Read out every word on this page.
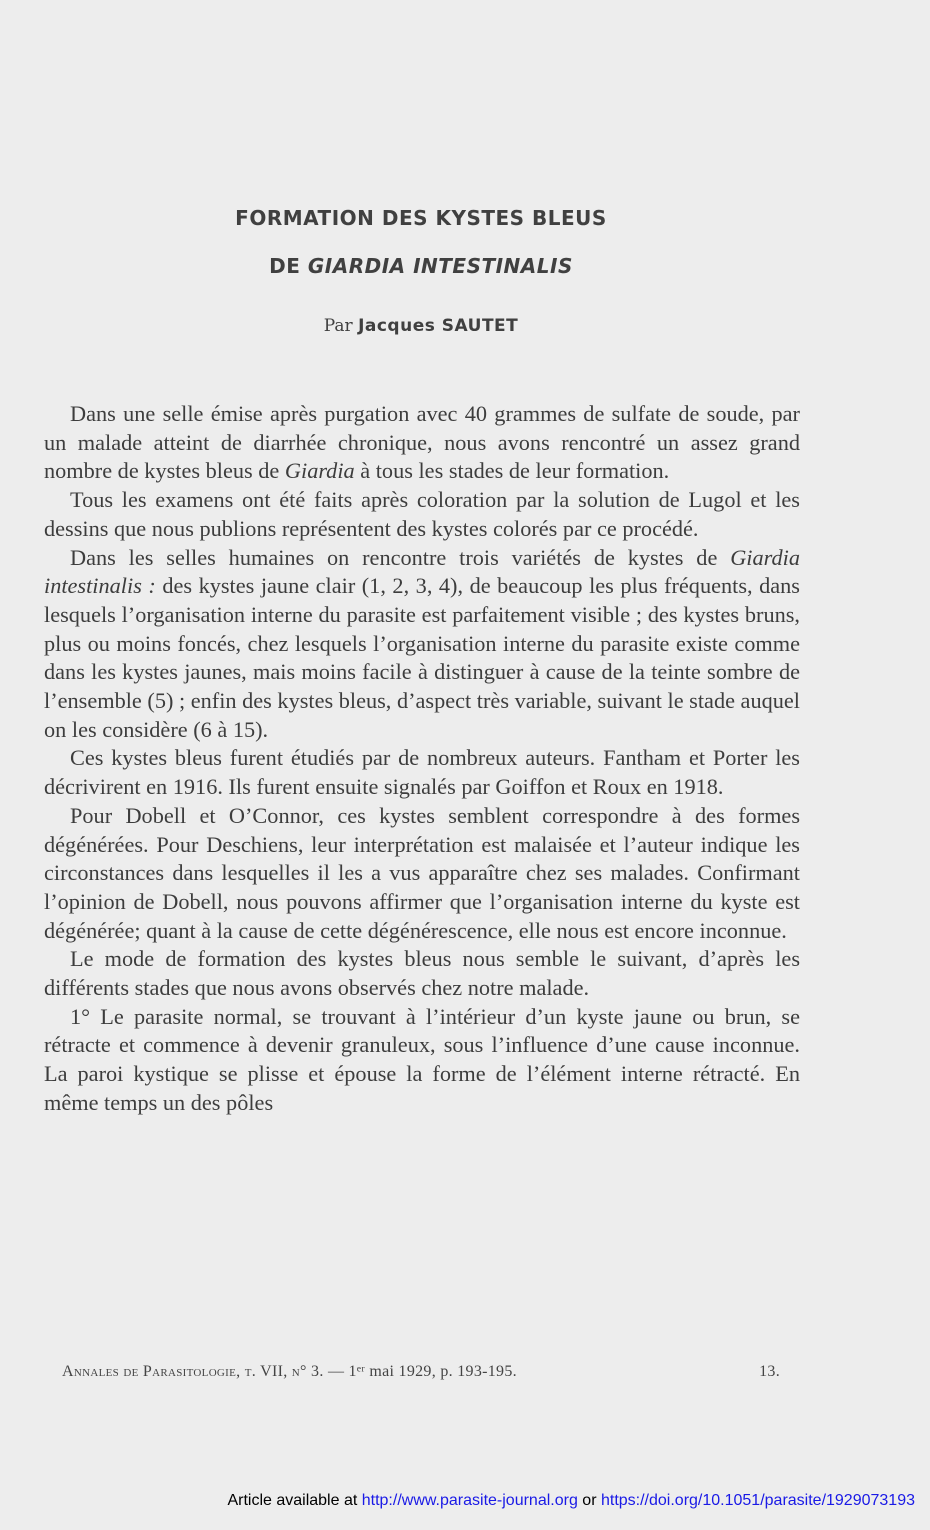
FORMATION DES KYSTES BLEUS
DE GIARDIA INTESTINALIS
Par Jacques SAUTET

Dans une selle émise après purgation avec 40 grammes de sulfate de soude, par un malade atteint de diarrhée chronique, nous avons rencontré un assez grand nombre de kystes bleus de Giardia à tous les stades de leur formation.

Tous les examens ont été faits après coloration par la solution de Lugol et les dessins que nous publions représentent des kystes colorés par ce procédé.

Dans les selles humaines on rencontre trois variétés de kystes de Giardia intestinalis : des kystes jaune clair (1, 2, 3, 4), de beaucoup les plus fréquents, dans lesquels l’organisation interne du parasite est parfaitement visible ; des kystes bruns, plus ou moins foncés, chez lesquels l’organisation interne du parasite existe comme dans les kystes jaunes, mais moins facile à distinguer à cause de la teinte sombre de l’ensemble (5) ; enfin des kystes bleus, d’aspect très variable, suivant le stade auquel on les considère (6 à 15).

Ces kystes bleus furent étudiés par de nombreux auteurs. Fantham et Porter les décrivirent en 1916. Ils furent ensuite signalés par Goiffon et Roux en 1918.

Pour Dobell et O’Connor, ces kystes semblent correspondre à des formes dégénérées. Pour Deschiens, leur interprétation est malaisée et l’auteur indique les circonstances dans lesquelles il les a vus apparaître chez ses malades. Confirmant l’opinion de Dobell, nous pouvons affirmer que l’organisation interne du kyste est dégénérée; quant à la cause de cette dégénérescence, elle nous est encore inconnue.

Le mode de formation des kystes bleus nous semble le suivant, d’après les différents stades que nous avons observés chez notre malade.

1° Le parasite normal, se trouvant à l’intérieur d’un kyste jaune ou brun, se rétracte et commence à devenir granuleux, sous l’influence d’une cause inconnue. La paroi kystique se plisse et épouse la forme de l’élément interne rétracté. En même temps un des pôles

Annales de Parasitologie, t. VII, n° 3. — 1ᵉʳ mai 1929, p. 193-195.	13.
Article available at http://www.parasite-journal.org or https://doi.org/10.1051/parasite/1929073193
